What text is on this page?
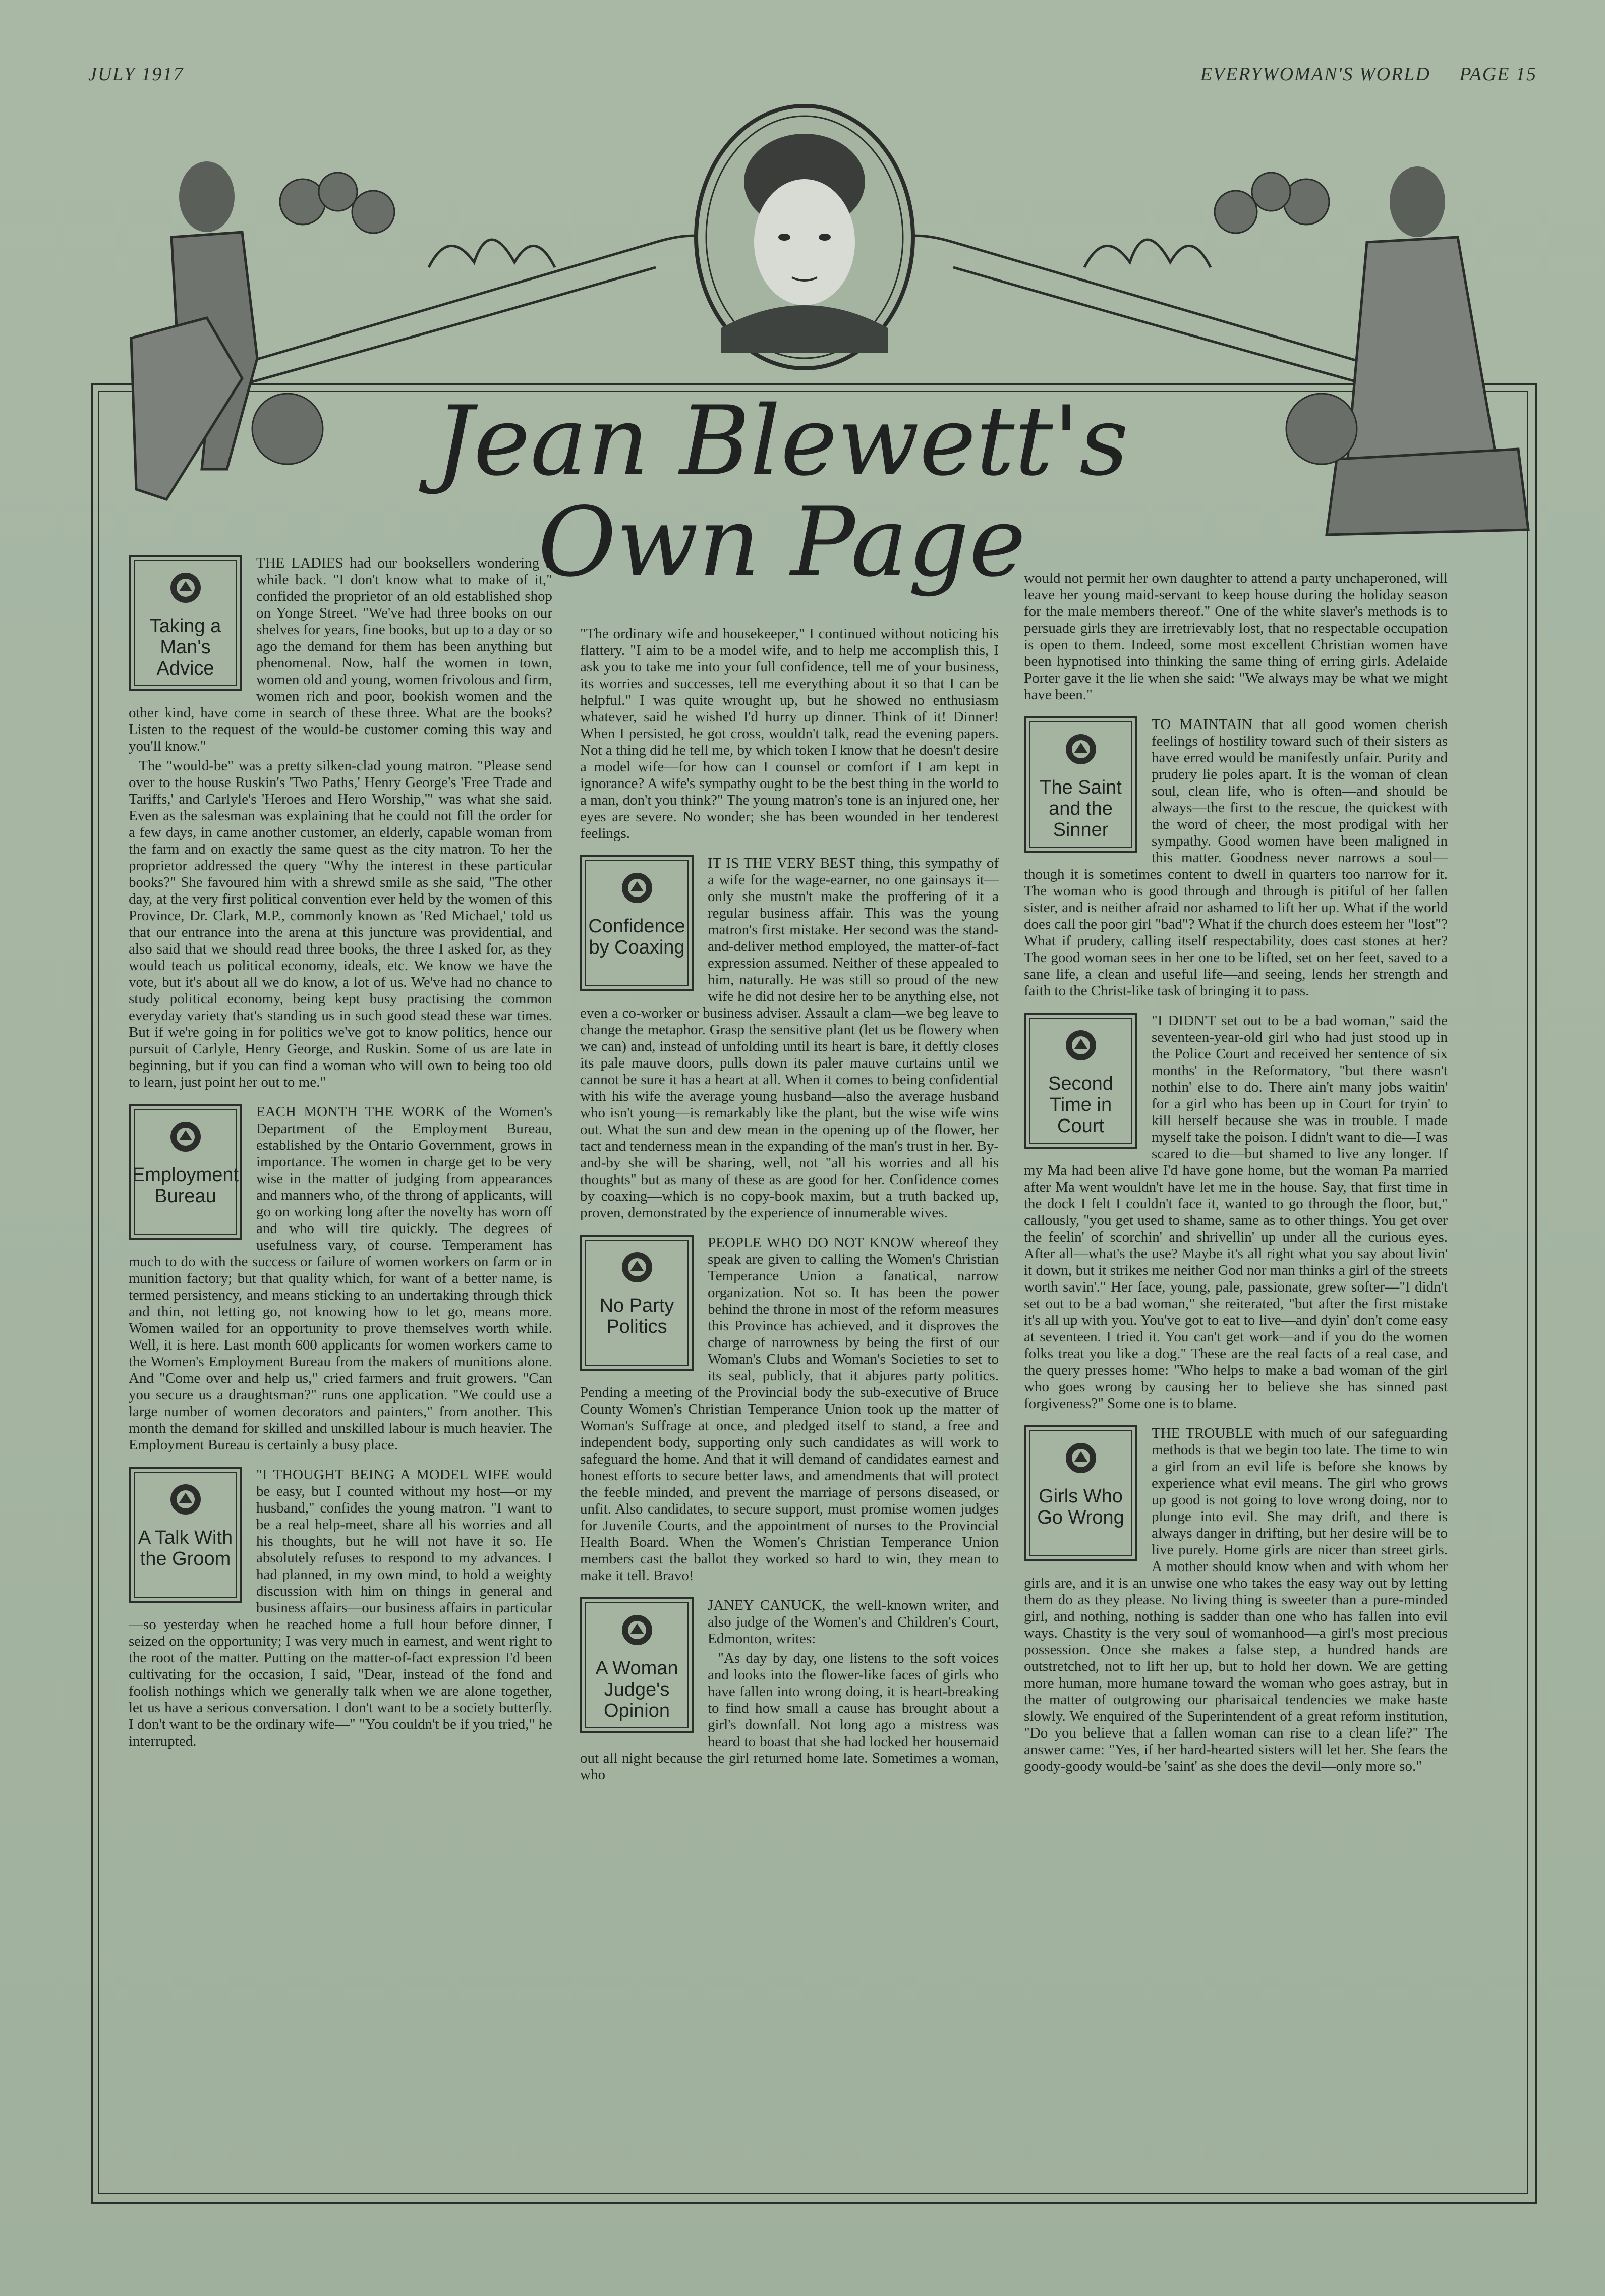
JULY 1917	EVERYWOMAN'S WORLD PAGE 15
Jean Blewett's
Own Page
Taking a Man's Advice

THE LADIES had our booksellers wondering a while back. "I don't know what to make of it," confided the proprietor of an old established shop on Yonge Street. "We've had three books on our shelves for years, fine books, but up to a day or so ago the demand for them has been anything but phenomenal. Now, half the women in town, women old and young, women frivolous and firm, women rich and poor, bookish women and the other kind, have come in search of these three. What are the books? Listen to the request of the would-be customer coming this way and you'll know."

The "would-be" was a pretty silken-clad young matron. "Please send over to the house Ruskin's 'Two Paths,' Henry George's 'Free Trade and Tariffs,' and Carlyle's 'Heroes and Hero Worship,'" was what she said. Even as the salesman was explaining that he could not fill the order for a few days, in came another customer, an elderly, capable woman from the farm and on exactly the same quest as the city matron. To her the proprietor addressed the query "Why the interest in these particular books?" She favoured him with a shrewd smile as she said, "The other day, at the very first political convention ever held by the women of this Province, Dr. Clark, M.P., commonly known as 'Red Michael,' told us that our entrance into the arena at this juncture was providential, and also said that we should read three books, the three I asked for, as they would teach us political economy, ideals, etc. We know we have the vote, but it's about all we do know, a lot of us. We've had no chance to study political economy, being kept busy practising the common everyday variety that's standing us in such good stead these war times. But if we're going in for politics we've got to know politics, hence our pursuit of Carlyle, Henry George, and Ruskin. Some of us are late in beginning, but if you can find a woman who will own to being too old to learn, just point her out to me."

Employment Bureau

EACH MONTH THE WORK of the Women's Department of the Employment Bureau, established by the Ontario Government, grows in importance. The women in charge get to be very wise in the matter of judging from appearances and manners who, of the throng of applicants, will go on working long after the novelty has worn off and who will tire quickly. The degrees of usefulness vary, of course. Temperament has much to do with the success or failure of women workers on farm or in munition factory; but that quality which, for want of a better name, is termed persistency, and means sticking to an undertaking through thick and thin, not letting go, not knowing how to let go, means more. Women wailed for an opportunity to prove themselves worth while. Well, it is here. Last month 600 applicants for women workers came to the Women's Employment Bureau from the makers of munitions alone. And "Come over and help us," cried farmers and fruit growers. "Can you secure us a draughtsman?" runs one application. "We could use a large number of women decorators and painters," from another. This month the demand for skilled and unskilled labour is much heavier. The Employment Bureau is certainly a busy place.

A Talk With the Groom

"I THOUGHT BEING A MODEL WIFE would be easy, but I counted without my host—or my husband," confides the young matron. "I want to be a real help-meet, share all his worries and all his thoughts, but he will not have it so. He absolutely refuses to respond to my advances. I had planned, in my own mind, to hold a weighty discussion with him on things in general and business affairs—our business affairs in particular—so yesterday when he reached home a full hour before dinner, I seized on the opportunity; I was very much in earnest, and went right to the root of the matter. Putting on the matter-of-fact expression I'd been cultivating for the occasion, I said, "Dear, instead of the fond and foolish nothings which we generally talk when we are alone together, let us have a serious conversation. I don't want to be a society butterfly. I don't want to be the ordinary wife—" "You couldn't be if you tried," he interrupted.

"The ordinary wife and housekeeper," I continued without noticing his flattery. "I aim to be a model wife, and to help me accomplish this, I ask you to take me into your full confidence, tell me of your business, its worries and successes, tell me everything about it so that I can be helpful." I was quite wrought up, but he showed no enthusiasm whatever, said he wished I'd hurry up dinner. Think of it! Dinner! When I persisted, he got cross, wouldn't talk, read the evening papers. Not a thing did he tell me, by which token I know that he doesn't desire a model wife—for how can I counsel or comfort if I am kept in ignorance? A wife's sympathy ought to be the best thing in the world to a man, don't you think?" The young matron's tone is an injured one, her eyes are severe. No wonder; she has been wounded in her tenderest feelings.

Confidence by Coaxing

IT IS THE VERY BEST thing, this sympathy of a wife for the wage-earner, no one gainsays it—only she mustn't make the proffering of it a regular business affair. This was the young matron's first mistake. Her second was the stand-and-deliver method employed, the matter-of-fact expression assumed. Neither of these appealed to him, naturally. He was still so proud of the new wife he did not desire her to be anything else, not even a co-worker or business adviser. Assault a clam—we beg leave to change the metaphor. Grasp the sensitive plant (let us be flowery when we can) and, instead of unfolding until its heart is bare, it deftly closes its pale mauve doors, pulls down its paler mauve curtains until we cannot be sure it has a heart at all. When it comes to being confidential with his wife the average young husband—also the average husband who isn't young—is remarkably like the plant, but the wise wife wins out. What the sun and dew mean in the opening up of the flower, her tact and tenderness mean in the expanding of the man's trust in her. By-and-by she will be sharing, well, not "all his worries and all his thoughts" but as many of these as are good for her. Confidence comes by coaxing—which is no copy-book maxim, but a truth backed up, proven, demonstrated by the experience of innumerable wives.

No Party Politics

PEOPLE WHO DO NOT KNOW whereof they speak are given to calling the Women's Christian Temperance Union a fanatical, narrow organization. Not so. It has been the power behind the throne in most of the reform measures this Province has achieved, and it disproves the charge of narrowness by being the first of our Woman's Clubs and Woman's Societies to set to its seal, publicly, that it abjures party politics. Pending a meeting of the Provincial body the sub-executive of Bruce County Women's Christian Temperance Union took up the matter of Woman's Suffrage at once, and pledged itself to stand, a free and independent body, supporting only such candidates as will work to safeguard the home. And that it will demand of candidates earnest and honest efforts to secure better laws, and amendments that will protect the feeble minded, and prevent the marriage of persons diseased, or unfit. Also candidates, to secure support, must promise women judges for Juvenile Courts, and the appointment of nurses to the Provincial Health Board. When the Women's Christian Temperance Union members cast the ballot they worked so hard to win, they mean to make it tell. Bravo!

A Woman Judge's Opinion

JANEY CANUCK, the well-known writer, and also judge of the Women's and Children's Court, Edmonton, writes:

"As day by day, one listens to the soft voices and looks into the flower-like faces of girls who have fallen into wrong doing, it is heart-breaking to find how small a cause has brought about a girl's downfall. Not long ago a mistress was heard to boast that she had locked her housemaid out all night because the girl returned home late. Sometimes a woman, who

would not permit her own daughter to attend a party unchaperoned, will leave her young maid-servant to keep house during the holiday season for the male members thereof." One of the white slaver's methods is to persuade girls they are irretrievably lost, that no respectable occupation is open to them. Indeed, some most excellent Christian women have been hypnotised into thinking the same thing of erring girls. Adelaide Porter gave it the lie when she said: "We always may be what we might have been."

The Saint and the Sinner

TO MAINTAIN that all good women cherish feelings of hostility toward such of their sisters as have erred would be manifestly unfair. Purity and prudery lie poles apart. It is the woman of clean soul, clean life, who is often—and should be always—the first to the rescue, the quickest with the word of cheer, the most prodigal with her sympathy. Good women have been maligned in this matter. Goodness never narrows a soul—though it is sometimes content to dwell in quarters too narrow for it. The woman who is good through and through is pitiful of her fallen sister, and is neither afraid nor ashamed to lift her up. What if the world does call the poor girl "bad"? What if the church does esteem her "lost"? What if prudery, calling itself respectability, does cast stones at her? The good woman sees in her one to be lifted, set on her feet, saved to a sane life, a clean and useful life—and seeing, lends her strength and faith to the Christ-like task of bringing it to pass.

Second Time in Court

"I DIDN'T set out to be a bad woman," said the seventeen-year-old girl who had just stood up in the Police Court and received her sentence of six months' in the Reformatory, "but there wasn't nothin' else to do. There ain't many jobs waitin' for a girl who has been up in Court for tryin' to kill herself because she was in trouble. I made myself take the poison. I didn't want to die—I was scared to die—but shamed to live any longer. If my Ma had been alive I'd have gone home, but the woman Pa married after Ma went wouldn't have let me in the house. Say, that first time in the dock I felt I couldn't face it, wanted to go through the floor, but," callously, "you get used to shame, same as to other things. You get over the feelin' of scorchin' and shrivellin' up under all the curious eyes. After all—what's the use? Maybe it's all right what you say about livin' it down, but it strikes me neither God nor man thinks a girl of the streets worth savin'." Her face, young, pale, passionate, grew softer—"I didn't set out to be a bad woman," she reiterated, "but after the first mistake it's all up with you. You've got to eat to live—and dyin' don't come easy at seventeen. I tried it. You can't get work—and if you do the women folks treat you like a dog." These are the real facts of a real case, and the query presses home: "Who helps to make a bad woman of the girl who goes wrong by causing her to believe she has sinned past forgiveness?" Some one is to blame.

Girls Who Go Wrong

THE TROUBLE with much of our safeguarding methods is that we begin too late. The time to win a girl from an evil life is before she knows by experience what evil means. The girl who grows up good is not going to love wrong doing, nor to plunge into evil. She may drift, and there is always danger in drifting, but her desire will be to live purely. Home girls are nicer than street girls. A mother should know when and with whom her girls are, and it is an unwise one who takes the easy way out by letting them do as they please. No living thing is sweeter than a pure-minded girl, and nothing, nothing is sadder than one who has fallen into evil ways. Chastity is the very soul of womanhood—a girl's most precious possession. Once she makes a false step, a hundred hands are outstretched, not to lift her up, but to hold her down. We are getting more human, more humane toward the woman who goes astray, but in the matter of outgrowing our pharisaical tendencies we make haste slowly. We enquired of the Superintendent of a great reform institution, "Do you believe that a fallen woman can rise to a clean life?" The answer came: "Yes, if her hard-hearted sisters will let her. She fears the goody-goody would-be 'saint' as she does the devil—only more so."
